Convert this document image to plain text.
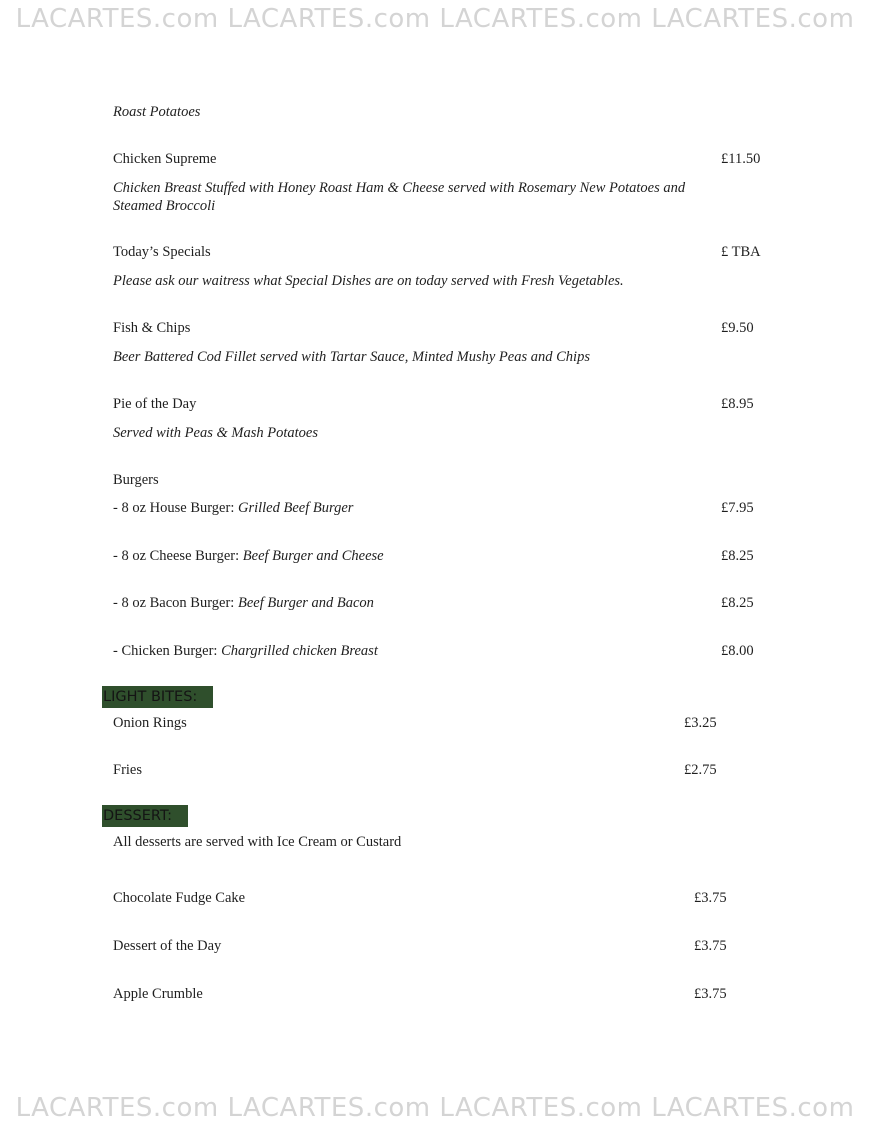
LACARTES.com LACARTES.com LACARTES.com LACARTES.com
Roast Potatoes
Chicken Supreme	£11.50
Chicken Breast Stuffed with Honey Roast Ham & Cheese served with Rosemary New Potatoes and Steamed Broccoli
Today’s Specials	£ TBA
Please ask our waitress what Special Dishes are on today served with Fresh Vegetables.
Fish & Chips	£9.50
Beer Battered Cod Fillet served with Tartar Sauce, Minted Mushy Peas and Chips
Pie of the Day	£8.95
Served with Peas & Mash Potatoes
Burgers
- 8 oz House Burger: Grilled Beef Burger	£7.95
- 8 oz Cheese Burger: Beef Burger and Cheese	£8.25
- 8 oz Bacon Burger: Beef Burger and Bacon	£8.25
- Chicken Burger: Chargrilled chicken Breast	£8.00
LIGHT BITES:
Onion Rings	£3.25
Fries	£2.75
DESSERT:
All desserts are served with Ice Cream or Custard
Chocolate Fudge Cake	£3.75
Dessert of the Day	£3.75
Apple Crumble	£3.75
LACARTES.com LACARTES.com LACARTES.com LACARTES.com
